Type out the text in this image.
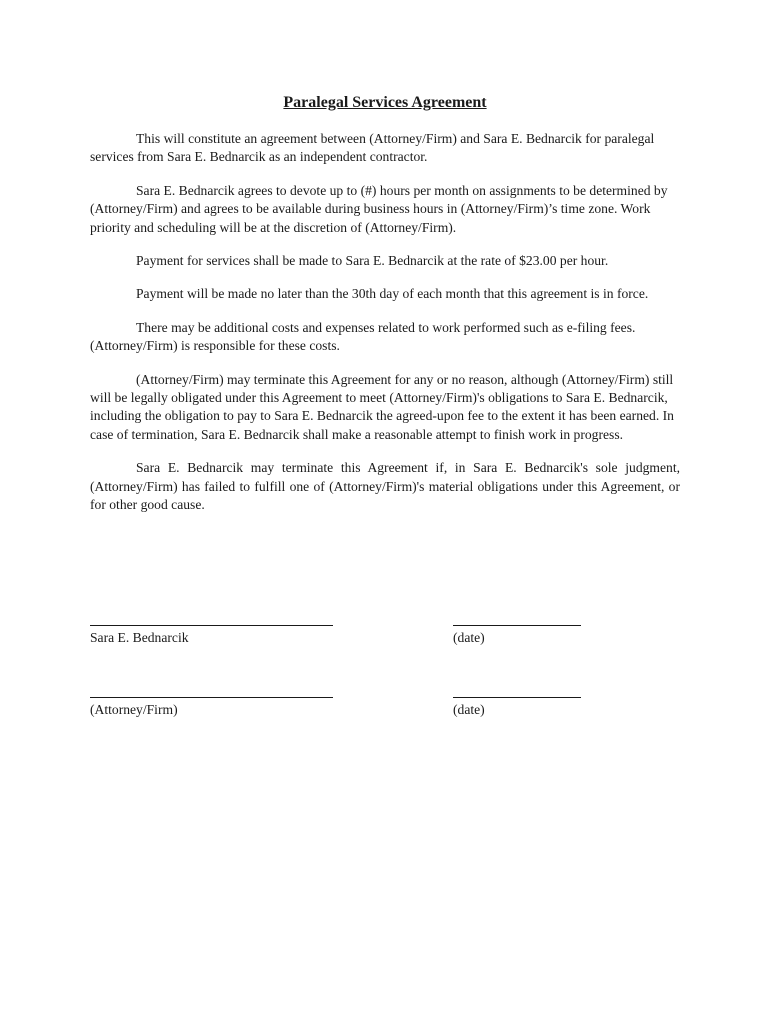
Paralegal Services Agreement

This will constitute an agreement between (Attorney/Firm) and Sara E. Bednarcik for paralegal services from Sara E. Bednarcik as an independent contractor.

Sara E. Bednarcik agrees to devote up to (#) hours per month on assignments to be determined by (Attorney/Firm) and agrees to be available during business hours in (Attorney/Firm)’s time zone. Work priority and scheduling will be at the discretion of (Attorney/Firm).

Payment for services shall be made to Sara E. Bednarcik at the rate of $23.00 per hour.

Payment will be made no later than the 30th day of each month that this agreement is in force.

There may be additional costs and expenses related to work performed such as e-filing fees. (Attorney/Firm) is responsible for these costs.

(Attorney/Firm) may terminate this Agreement for any or no reason, although (Attorney/Firm) still will be legally obligated under this Agreement to meet (Attorney/Firm)'s obligations to Sara E. Bednarcik, including the obligation to pay to Sara E. Bednarcik the agreed-upon fee to the extent it has been earned. In case of termination, Sara E. Bednarcik shall make a reasonable attempt to finish work in progress.

Sara E. Bednarcik may terminate this Agreement if, in Sara E. Bednarcik's sole judgment, (Attorney/Firm) has failed to fulfill one of (Attorney/Firm)'s material obligations under this Agreement, or for other good cause.

Sara E. Bednarcik	(date)
(Attorney/Firm)	(date)
